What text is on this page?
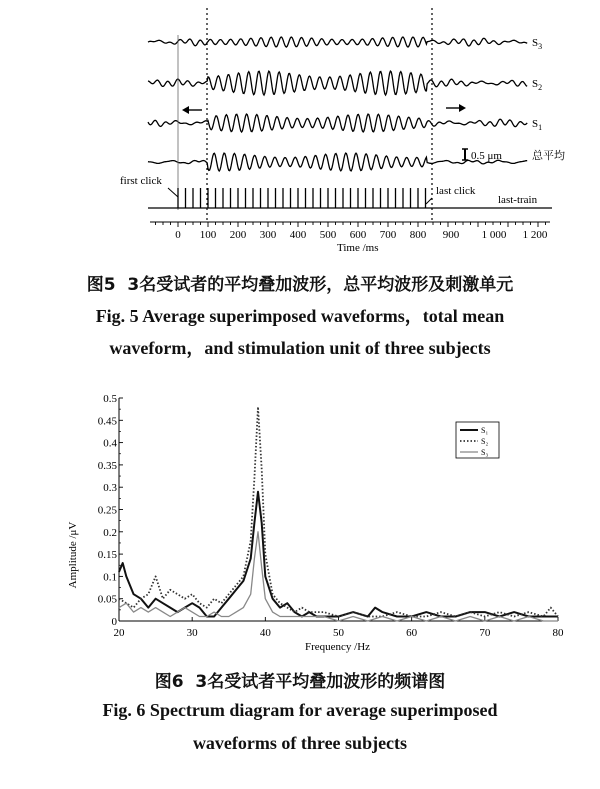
$S_3$
$S_2$
$S_1$
0.5 μm	总平均
first click
last click
last-train
0 100 200 300 400 500 600 700 800 900 1 000 1 200
Time /ms
图5 3名受试者的平均叠加波形，总平均波形及刺激单元
Fig. 5 Average superimposed waveforms，total mean
waveform，and stimulation unit of three subjects
0
0.05
0.1
0.15
0.2
0.25
0.3
0.35
0.4
0.45
0.5
20	30	40	50	60	70	80
S₁
S₂
S₃
Frequency /Hz
Amplitude /μV
图6 3名受试者平均叠加波形的频谱图
Fig. 6 Spectrum diagram for average superimposed
waveforms of three subjects
